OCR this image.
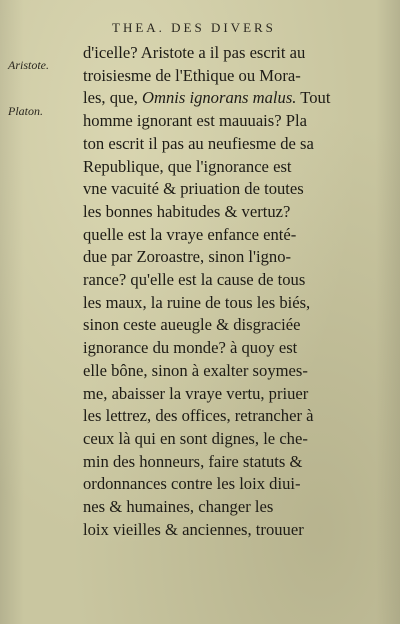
THEA. DES DIVERS
Aristote.
Platon.
d'icelle? Aristote a il pas escrit au
troisiesme de l'Ethique ou Mora-
les, que, Omnis ignorans malus. Tout
homme ignorant est mauuais? Pla
ton escrit il pas au neufiesme de sa
Republique, que l'ignorance est
vne vacuité & priuation de toutes
les bonnes habitudes & vertuz?
quelle est la vraye enfance enté-
due par Zoroastre, sinon l'igno-
rance? qu'elle est la cause de tous
les maux, la ruine de tous les biés,
sinon ceste aueugle & disgraciée
ignorance du monde? à quoy est
elle bône, sinon à exalter soymes-
me, abaisser la vraye vertu, priuer
les lettrez, des offices, retrancher à
ceux là qui en sont dignes, le che-
min des honneurs, faire statuts &
ordonnances contre les loix diui-
nes & humaines, changer les
loix vieilles & anciennes, trouuer
